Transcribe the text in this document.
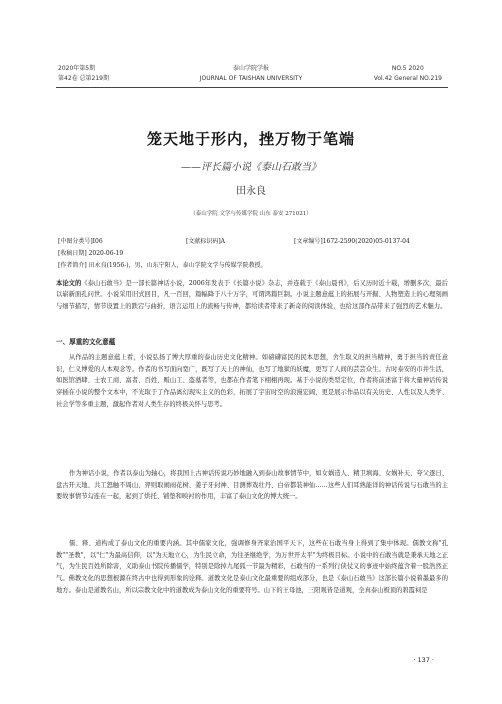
2020年第5期
第42卷 总第219期
泰山学院学报
JOURNAL OF TAISHAN UNIVERSITY
NO.5 2020
Vol.42 General NO.219
笼天地于形内，挫万物于笔端
——评长篇小说《泰山石敢当》
田永良
（泰山学院 文学与传媒学院 山东 泰安 271021）
[中图分类号]I06	[文献标识码]A	[文章编号]1672-2590(2020)05-0137-04
[收稿日期] 2020-06-19
[作者简介] 田永良(1956-)，男，山东宁阳人，泰山学院文学与传媒学院教授。
本论文的《泰山石敢当》是一部长篇神话小说，2006年发表于《长篇小说》杂志，并连载于《泰山晨刊》，后又历时近十载，增删多次，最后以崭新面孔问世。小说采用旧式回目，凡一百回，篇幅降于八十万字，可谓鸿篇巨制。小说主题意蕴上的拓展与开掘、人物塑造上的心理刻画与细节描写，情节设置上的跌宕与曲折，语言运用上的流畅与传神，都给读者带来了新奇的阅读体验，也给这部作品带来了强烈的艺术魅力。
一、厚重的文化意蕴
从作品的主题意蕴上看，小说弘扬了博大厚重的泰山历史文化精神。如磅礴富民的民本思想，舍生取义的担当精神，勇于担当的责任意识，仁义博爱的人本观念等。作者的书写面向宽广，既写了天上的神仙，也写了地狱的妖魔，更写了人间的芸芸众生。古时泰安的市井生活，如医馆酒肆、士农工商、富者、百姓、贩山工、盗墓者等，也都在作者笔下栩栩再现。基于小说的类型定位，作者将前述富于将大量神话传说穿插在小说的整个文本中，不光取于了作品离幻现实主义的色彩，拓展了宇宙时空的浪漫宏阔，更是展示作品以有关历史、人性以及人类学、社会学等多重主题，激起作者对人类生存的终极关怀与思考。
作为神话小说，作者以泰山为轴心，将我国上古神话传说巧妙地融入到泰山故事情节中，如女娲造人、精卫填海、女娲补天、夸父逐日、盘古开天地、共工怒触不周山、羿则取闹雨花树、姜子牙封神、目测葬戏壮丹、白帝都装神仙……这些人们耳熟能详的神话传说与石敢当的主要故事情节勾连在一起，起到了烘托、铺垫和映衬的作用，丰富了泰山文化的博大统一。
儒、释、道构成了泰山文化的重要内涵。其中儒家文化，强调修身齐家治国平天下，这些在石敢当身上得到了集中体现。儒教文称"孔教""圣教"，以"仁"为最高信仰，以"为天地立心，为生民立命，为往圣继绝学，为万世开太平"为终极目标。小说中的石敢当就是秉承天地之正气，为生民百姓所除害，义助泰山书院传播儒学，特别是除掉九尾狐一节最为精彩，石敢当的一系列行侠仗义的事迹中始终蕴含着一股浩然正气。佛教文化的思想根源在终古中也得到形象的诠释。道教文化是泰山文化最重要的组成部分，也是《泰山石敢当》这部长篇小说着墨最多的地方。泰山是道教名山，所以宗教文化中的道教成为泰山文化的重要符号。山下的王母池，三阳观皆是道观，全真泰山极顶的碧霞祠是
· 137 ·
